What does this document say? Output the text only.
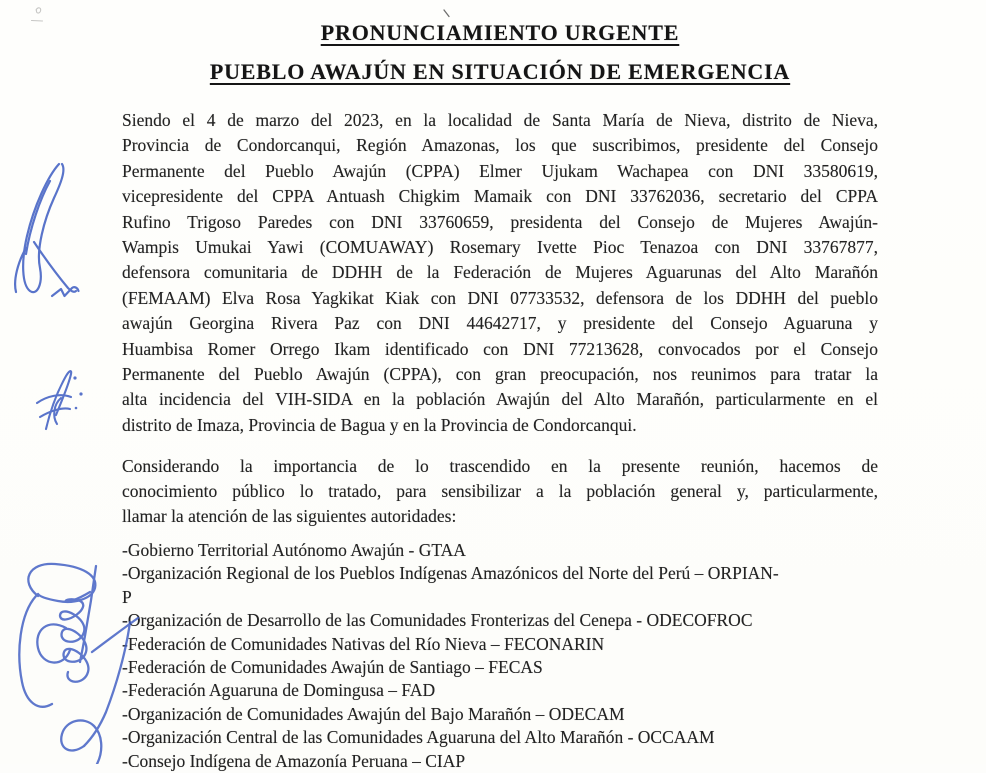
PRONUNCIAMIENTO URGENTE
PUEBLO AWAJÚN EN SITUACIÓN DE EMERGENCIA
Siendo el 4 de marzo del 2023, en la localidad de Santa María de Nieva, distrito de Nieva,
Provincia de Condorcanqui, Región Amazonas, los que suscribimos, presidente del Consejo
Permanente del Pueblo Awajún (CPPA) Elmer Ujukam Wachapea con DNI 33580619,
vicepresidente del CPPA Antuash Chigkim Mamaik con DNI 33762036, secretario del CPPA
Rufino Trigoso Paredes con DNI 33760659, presidenta del Consejo de Mujeres Awajún-
Wampis Umukai Yawi (COMUAWAY) Rosemary Ivette Pioc Tenazoa con DNI 33767877,
defensora comunitaria de DDHH de la Federación de Mujeres Aguarunas del Alto Marañón
(FEMAAM) Elva Rosa Yagkikat Kiak con DNI 07733532, defensora de los DDHH del pueblo
awajún Georgina Rivera Paz con DNI 44642717, y presidente del Consejo Aguaruna y
Huambisa Romer Orrego Ikam identificado con DNI 77213628, convocados por el Consejo
Permanente del Pueblo Awajún (CPPA), con gran preocupación, nos reunimos para tratar la
alta incidencia del VIH-SIDA en la población Awajún del Alto Marañón, particularmente en el
distrito de Imaza, Provincia de Bagua y en la Provincia de Condorcanqui.
Considerando la importancia de lo trascendido en la presente reunión, hacemos de
conocimiento público lo tratado, para sensibilizar a la población general y, particularmente,
llamar la atención de las siguientes autoridades:
-Gobierno Territorial Autónomo Awajún - GTAA
-Organización Regional de los Pueblos Indígenas Amazónicos del Norte del Perú – ORPIAN-
P
-Organización de Desarrollo de las Comunidades Fronterizas del Cenepa - ODECOFROC
-Federación de Comunidades Nativas del Río Nieva – FECONARIN
-Federación de Comunidades Awajún de Santiago – FECAS
-Federación Aguaruna de Domingusa – FAD
-Organización de Comunidades Awajún del Bajo Marañón – ODECAM
-Organización Central de las Comunidades Aguaruna del Alto Marañón - OCCAAM
-Consejo Indígena de Amazonía Peruana – CIAP
